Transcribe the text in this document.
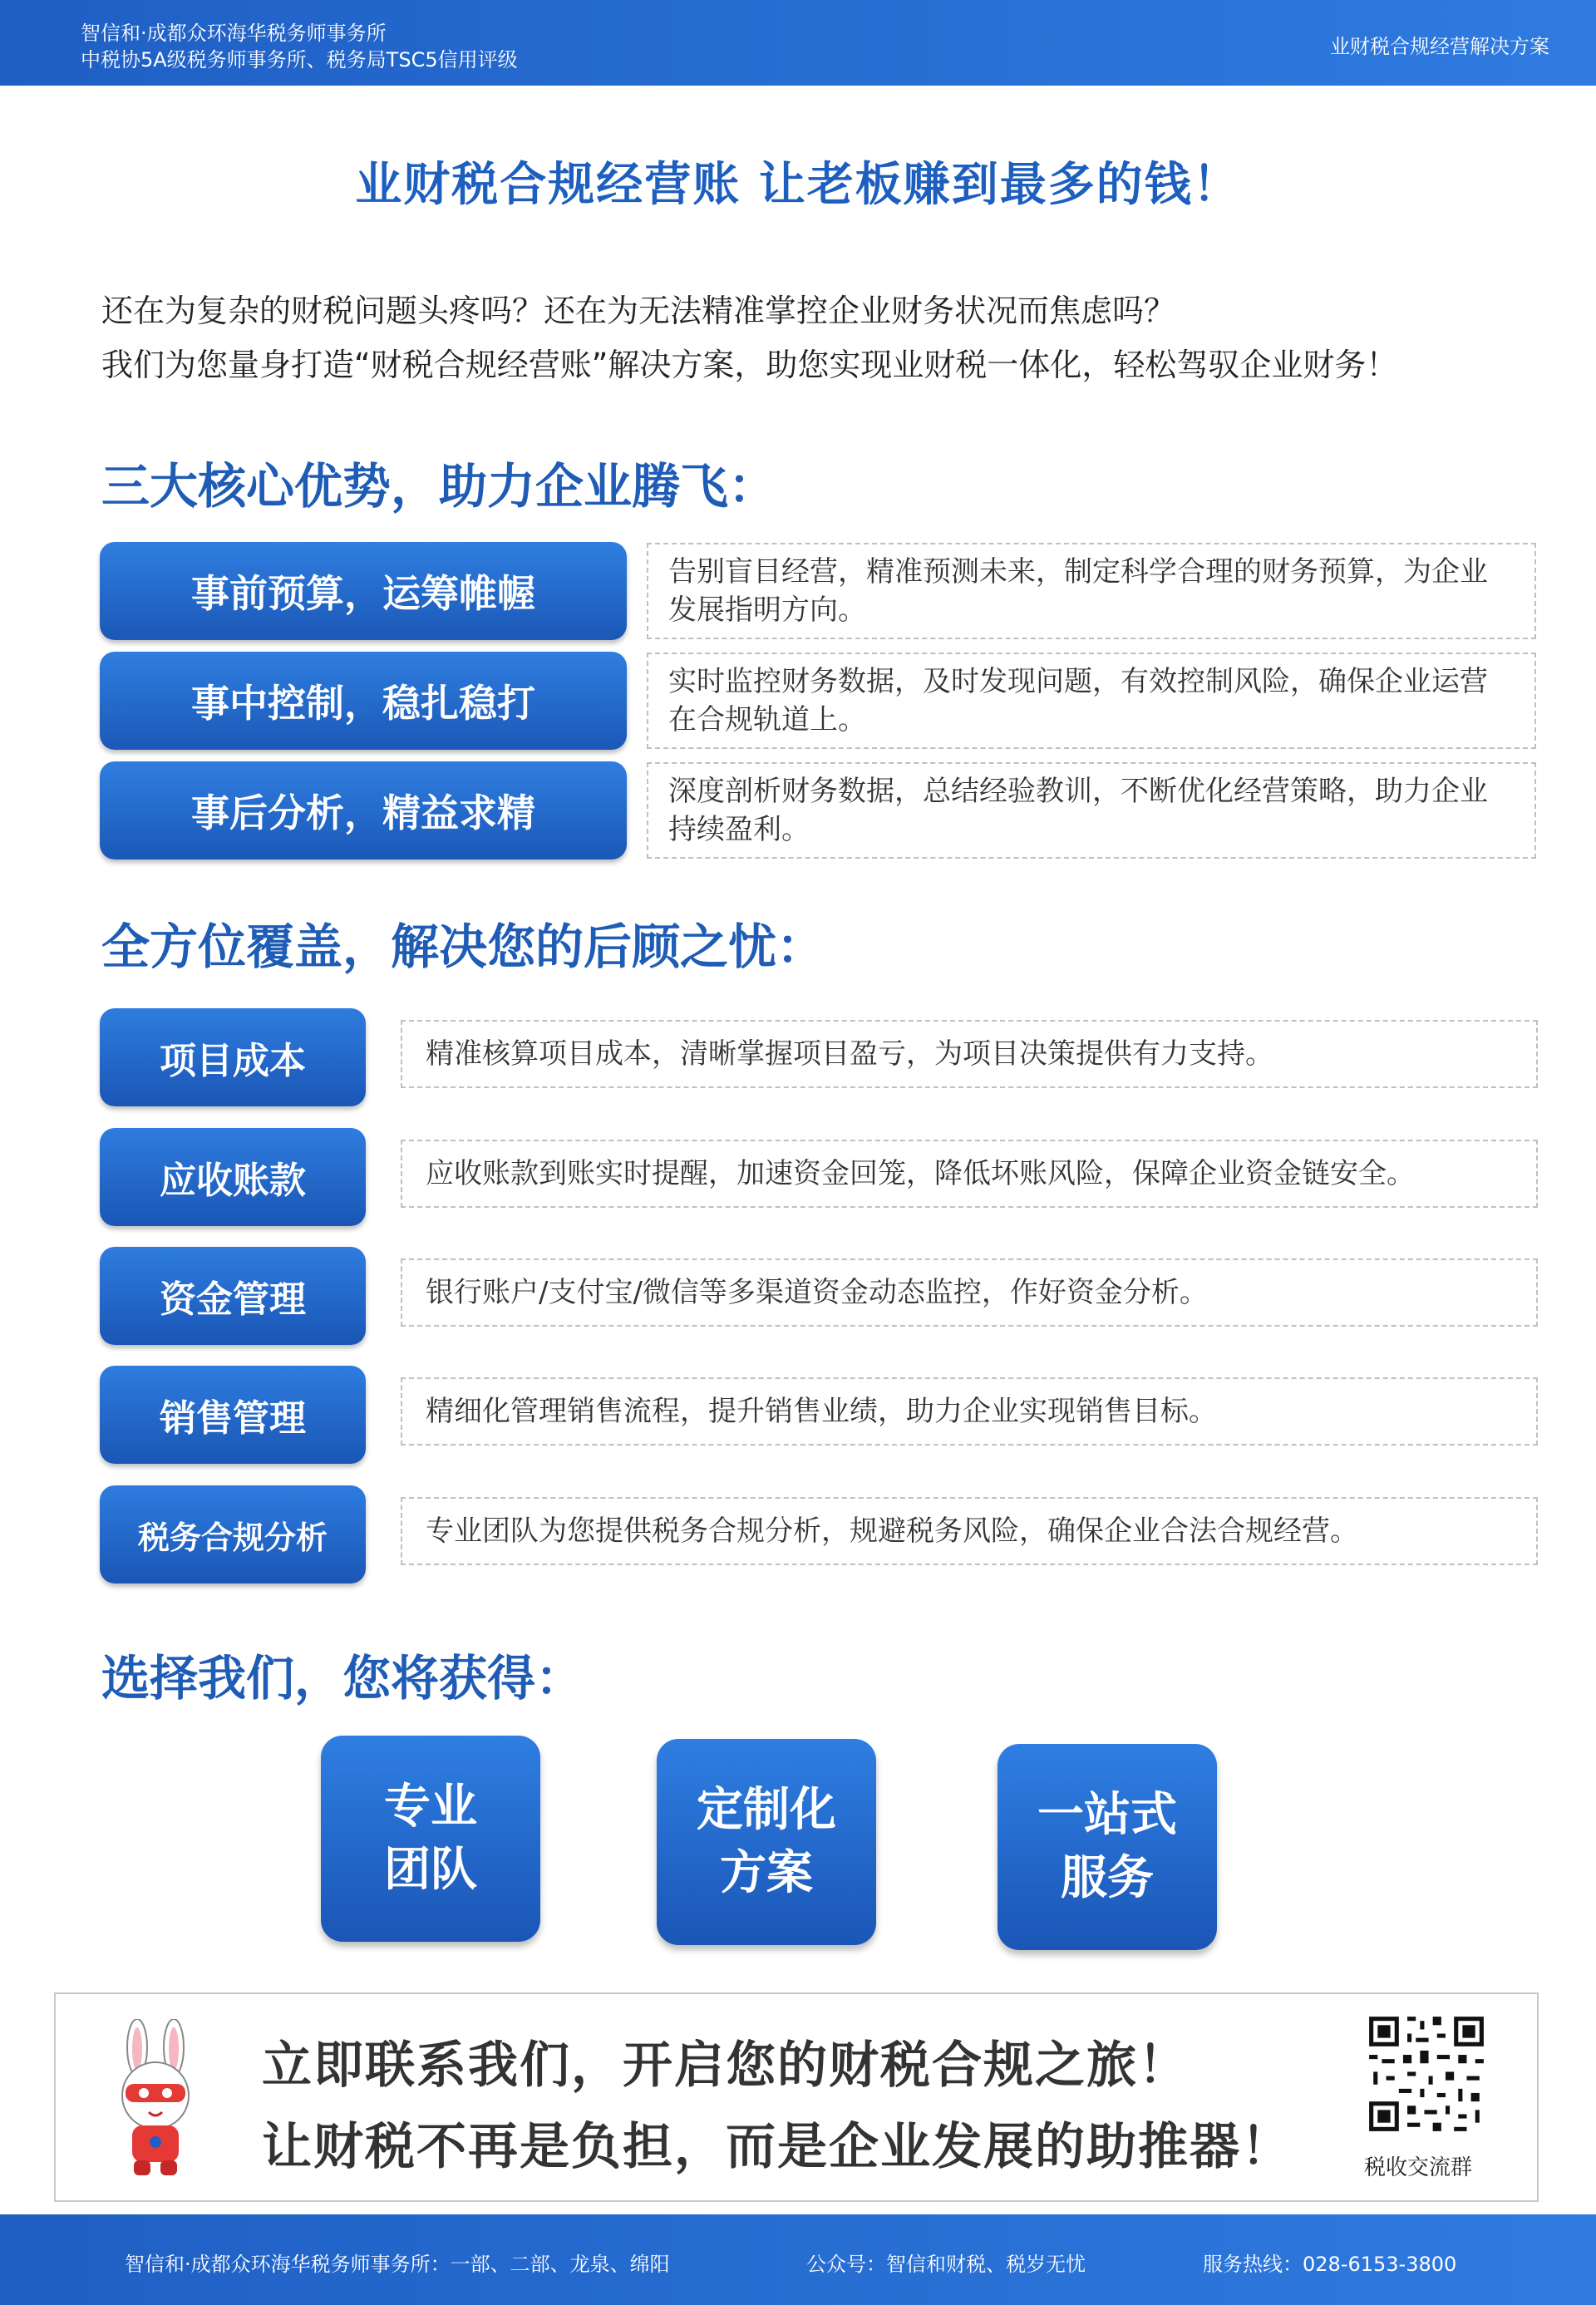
智信和·成都众环海华税务师事务所
中税协5A级税务师事务所、税务局TSC5信用评级
业财税合规经营解决方案
业财税合规经营账 让老板赚到最多的钱！
还在为复杂的财税问题头疼吗？还在为无法精准掌控企业财务状况而焦虑吗？
我们为您量身打造“财税合规经营账”解决方案，助您实现业财税一体化，轻松驾驭企业财务！
三大核心优势，助力企业腾飞：
事前预算，运筹帷幄	告别盲目经营，精准预测未来，制定科学合理的财务预算，为企业发展指明方向。
事中控制，稳扎稳打	实时监控财务数据，及时发现问题，有效控制风险，确保企业运营在合规轨道上。
事后分析，精益求精	深度剖析财务数据，总结经验教训，不断优化经营策略，助力企业持续盈利。
全方位覆盖，解决您的后顾之忧：
项目成本	精准核算项目成本，清晰掌握项目盈亏，为项目决策提供有力支持。
应收账款	应收账款到账实时提醒，加速资金回笼，降低坏账风险，保障企业资金链安全。
资金管理	银行账户/支付宝/微信等多渠道资金动态监控，作好资金分析。
销售管理	精细化管理销售流程，提升销售业绩，助力企业实现销售目标。
税务合规分析	专业团队为您提供税务合规分析，规避税务风险，确保企业合法合规经营。
选择我们，您将获得：
专业
团队
定制化
方案
一站式
服务
立即联系我们，开启您的财税合规之旅！
让财税不再是负担，而是企业发展的助推器！	税收交流群
智信和·成都众环海华税务师事务所：一部、二部、龙泉、绵阳	公众号：智信和财税、税岁无忧	服务热线：028-6153-3800
